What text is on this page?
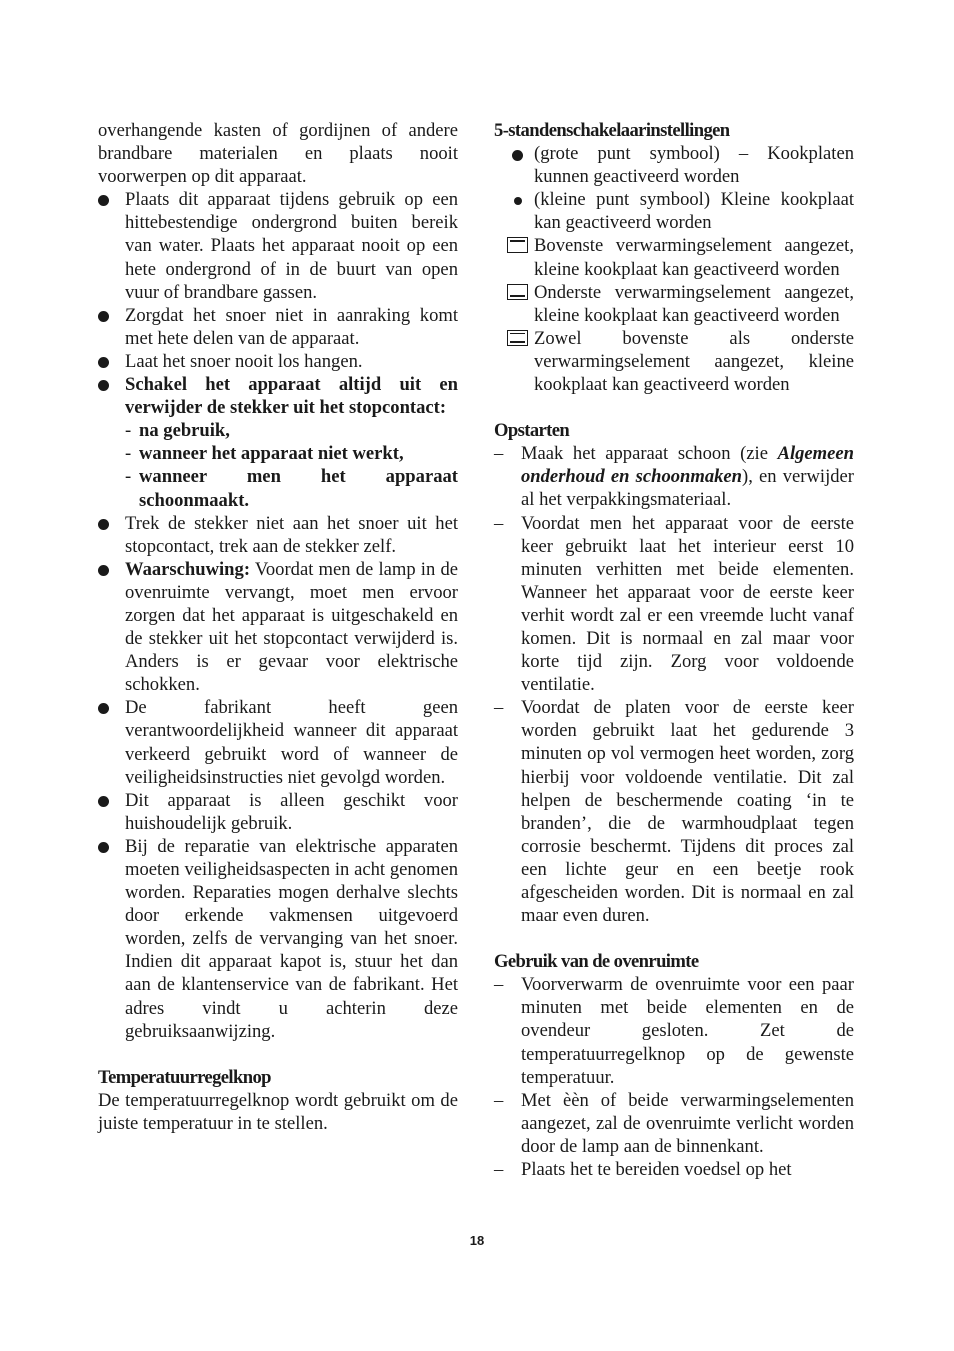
overhangende kasten of gordijnen of andere brandbare materialen en plaats nooit voorwerpen op dit apparaat.
Plaats dit apparaat tijdens gebruik op een hittebestendige ondergrond buiten bereik van water. Plaats het apparaat nooit op een hete ondergrond of in de buurt van open vuur of brandbare gassen.
Zorgdat het snoer niet in aanraking komt met hete delen van de apparaat.
Laat het snoer nooit los hangen.
Schakel het apparaat altijd uit en verwijder de stekker uit het stopcontact:
- na gebruik,
- wanneer het apparaat niet werkt,
- wanneer men het apparaat schoonmaakt.
Trek de stekker niet aan het snoer uit het stopcontact, trek aan de stekker zelf.
Waarschuwing: Voordat men de lamp in de ovenruimte vervangt, moet men ervoor zorgen dat het apparaat is uitgeschakeld en de stekker uit het stopcontact verwijderd is. Anders is er gevaar voor elektrische schokken.
De fabrikant heeft geen verantwoordelijkheid wanneer dit apparaat verkeerd gebruikt word of wanneer de veiligheidsinstructies niet gevolgd worden.
Dit apparaat is alleen geschikt voor huishoudelijk gebruik.
Bij de reparatie van elektrische apparaten moeten veiligheidsaspecten in acht genomen worden. Reparaties mogen derhalve slechts door erkende vakmensen uitgevoerd worden, zelfs de vervanging van het snoer. Indien dit apparaat kapot is, stuur het dan aan de klantenservice van de fabrikant. Het adres vindt u achterin deze gebruiksaanwijzing.
Temperatuurregelknop
De temperatuurregelknop wordt gebruikt om de juiste temperatuur in te stellen.
5-standenschakelaarinstellingen
(grote punt symbool) – Kookplaten kunnen geactiveerd worden
(kleine punt symbool) Kleine kookplaat kan geactiveerd worden
Bovenste verwarmingselement aangezet, kleine kookplaat kan geactiveerd worden
Onderste verwarmingselement aangezet, kleine kookplaat kan geactiveerd worden
Zowel bovenste als onderste verwarmingselement aangezet, kleine kookplaat kan geactiveerd worden
Opstarten
– Maak het apparaat schoon (zie Algemeen onderhoud en schoonmaken), en verwijder al het verpakkingsmateriaal.
– Voordat men het apparaat voor de eerste keer gebruikt laat het interieur eerst 10 minuten verhitten met beide elementen. Wanneer het apparaat voor de eerste keer verhit wordt zal er een vreemde lucht vanaf komen. Dit is normaal en zal maar voor korte tijd zijn. Zorg voor voldoende ventilatie.
– Voordat de platen voor de eerste keer worden gebruikt laat het gedurende 3 minuten op vol vermogen heet worden, zorg hierbij voor voldoende ventilatie. Dit zal helpen de beschermende coating ‘in te branden’, die de warmhoudplaat tegen corrosie beschermt. Tijdens dit proces zal een lichte geur en een beetje rook afgescheiden worden. Dit is normaal en zal maar even duren.
Gebruik van de ovenruimte
– Voorverwarm de ovenruimte voor een paar minuten met beide elementen en de ovendeur gesloten. Zet de temperatuurregelknop op de gewenste temperatuur.
– Met èèn of beide verwarmingselementen aangezet, zal de ovenruimte verlicht worden door de lamp aan de binnenkant.
– Plaats het te bereiden voedsel op het
18
